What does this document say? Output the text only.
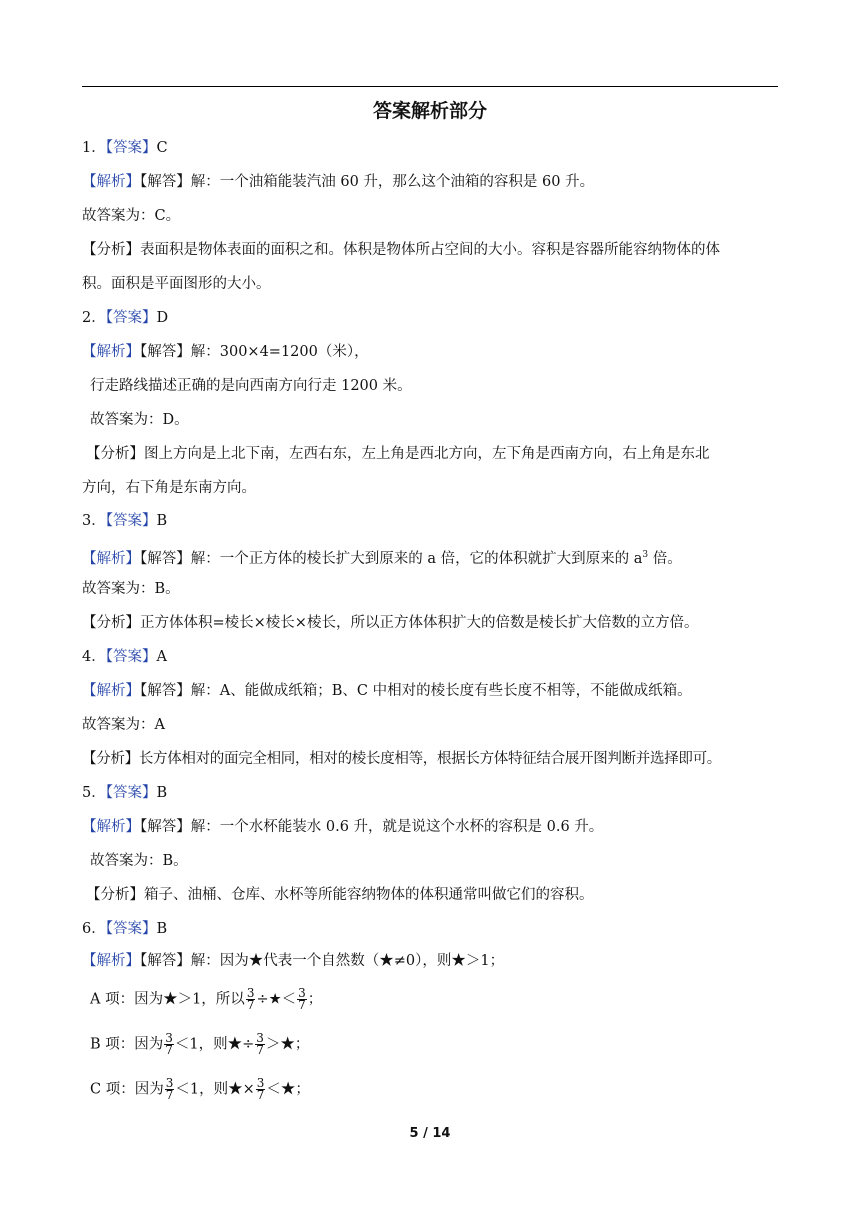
答案解析部分
1．【答案】C
【解析】【解答】解：一个油箱能装汽油 60 升，那么这个油箱的容积是 60 升。
故答案为：C。
【分析】表面积是物体表面的面积之和。体积是物体所占空间的大小。容积是容器所能容纳物体的体
积。面积是平面图形的大小。
2．【答案】D
【解析】【解答】解：300×4=1200（米），
行走路线描述正确的是向西南方向行走 1200 米。
故答案为：D。
【分析】图上方向是上北下南，左西右东，左上角是西北方向，左下角是西南方向，右上角是东北
方向，右下角是东南方向。
3．【答案】B
【解析】【解答】解：一个正方体的棱长扩大到原来的 a 倍，它的体积就扩大到原来的 $a^3$ 倍。
故答案为：B。
【分析】正方体体积=棱长×棱长×棱长，所以正方体体积扩大的倍数是棱长扩大倍数的立方倍。
4．【答案】A
【解析】【解答】解：A、能做成纸箱；B、C 中相对的棱长度有些长度不相等，不能做成纸箱。
故答案为：A
【分析】长方体相对的面完全相同，相对的棱长度相等，根据长方体特征结合展开图判断并选择即可。
5．【答案】B
【解析】【解答】解：一个水杯能装水 0.6 升，就是说这个水杯的容积是 0.6 升。
故答案为：B。
【分析】箱子、油桶、仓库、水杯等所能容纳物体的体积通常叫做它们的容积。
6．【答案】B
【解析】【解答】解：因为★代表一个自然数（★≠0），则★＞1；
A 项：因为★＞1，所以 $\frac{3}{7}$ ÷★＜ $\frac{3}{7}$ ；
B 项：因为 $\frac{3}{7} <1$，则★÷ $\frac{3}{7}$ ＞★；
C 项：因为 $\frac{3}{7} <1$，则★× $\frac{3}{7}$ ＜★；
5 / 14
